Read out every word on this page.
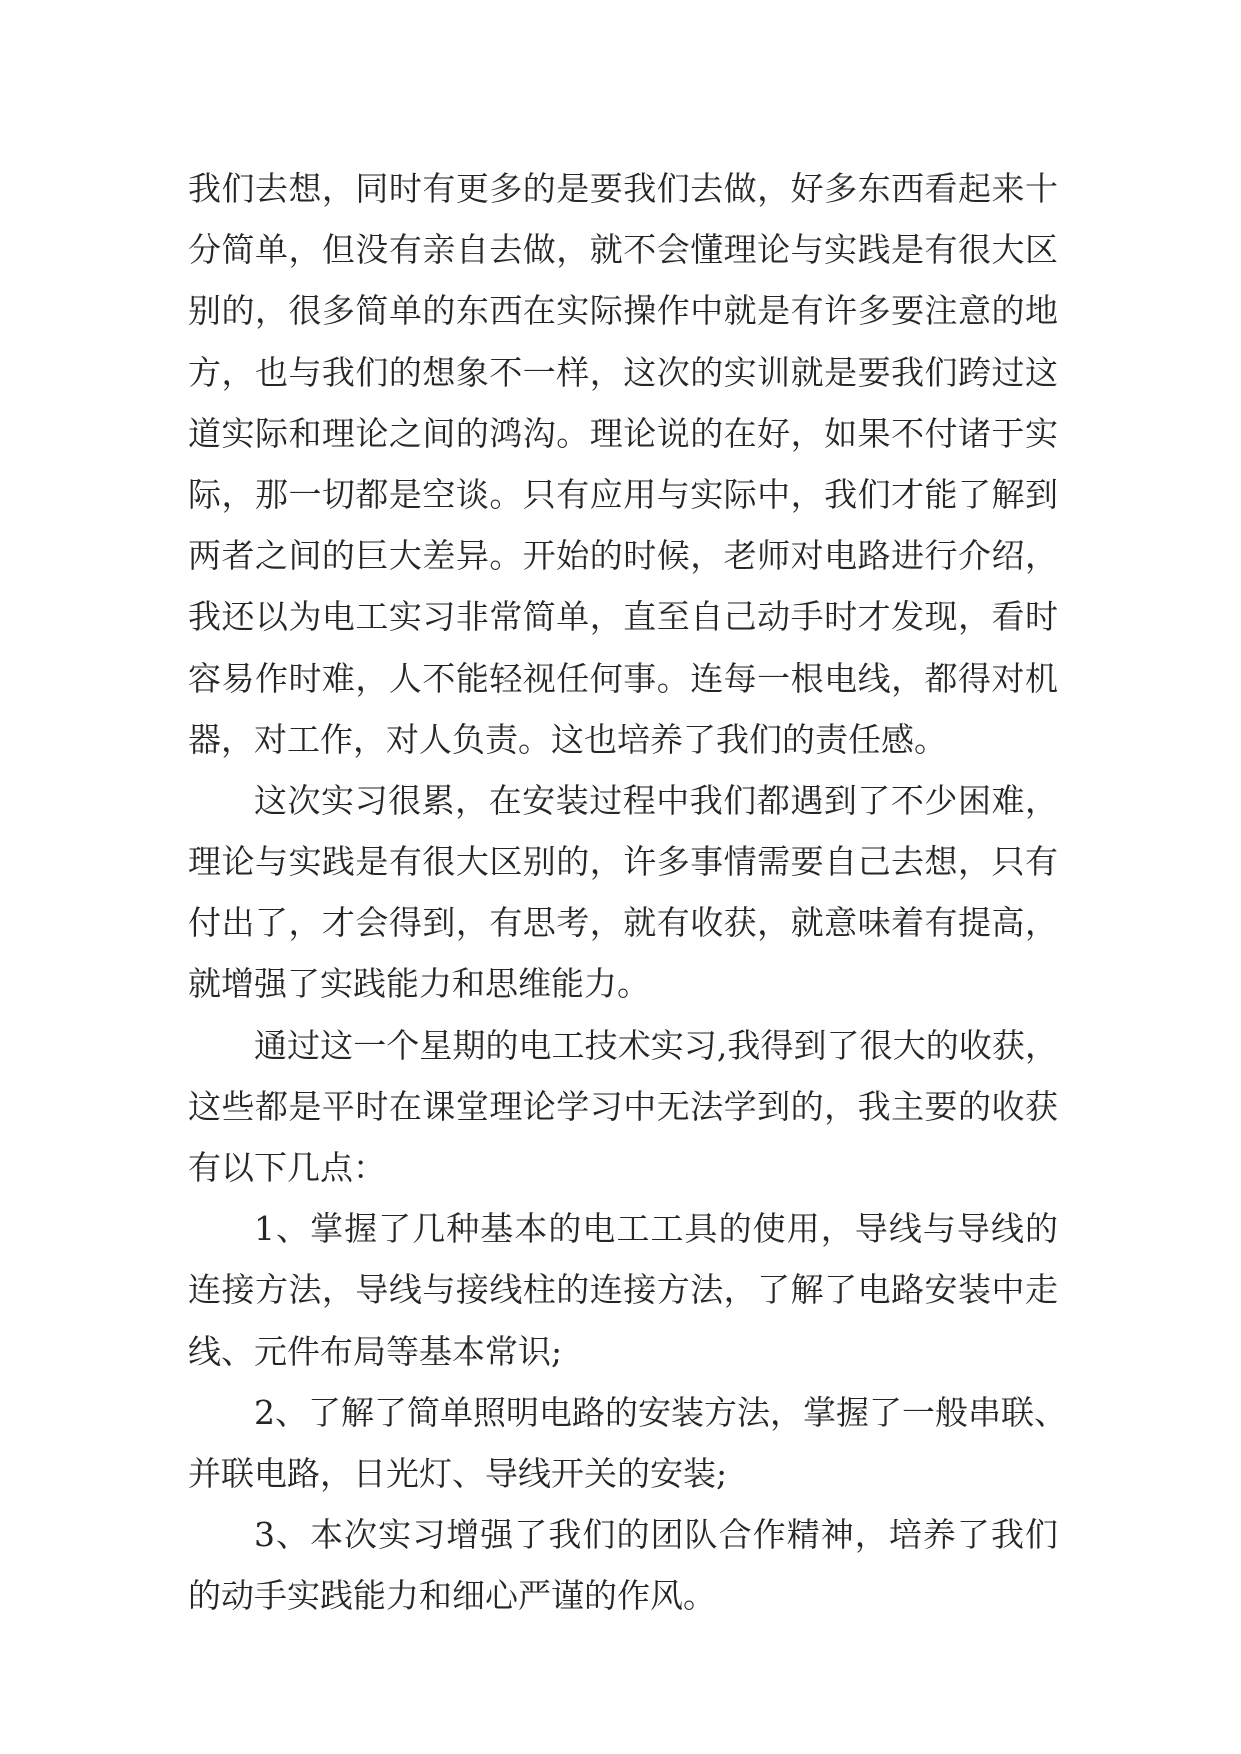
我们去想，同时有更多的是要我们去做，好多东西看起来十
分简单，但没有亲自去做，就不会懂理论与实践是有很大区
别的，很多简单的东西在实际操作中就是有许多要注意的地
方，也与我们的想象不一样，这次的实训就是要我们跨过这
道实际和理论之间的鸿沟。理论说的在好，如果不付诸于实
际，那一切都是空谈。只有应用与实际中，我们才能了解到
两者之间的巨大差异。开始的时候，老师对电路进行介绍，
我还以为电工实习非常简单，直至自己动手时才发现，看时
容易作时难，人不能轻视任何事。连每一根电线，都得对机
器，对工作，对人负责。这也培养了我们的责任感。
这次实习很累，在安装过程中我们都遇到了不少困难，
理论与实践是有很大区别的，许多事情需要自己去想，只有
付出了，才会得到，有思考，就有收获，就意味着有提高，
就增强了实践能力和思维能力。
通过这一个星期的电工技术实习,我得到了很大的收获，
这些都是平时在课堂理论学习中无法学到的，我主要的收获
有以下几点：
1、掌握了几种基本的电工工具的使用，导线与导线的
连接方法，导线与接线柱的连接方法，了解了电路安装中走
线、元件布局等基本常识;
2、了解了简单照明电路的安装方法，掌握了一般串联、
并联电路，日光灯、导线开关的安装;
3、本次实习增强了我们的团队合作精神，培养了我们
的动手实践能力和细心严谨的作风。
